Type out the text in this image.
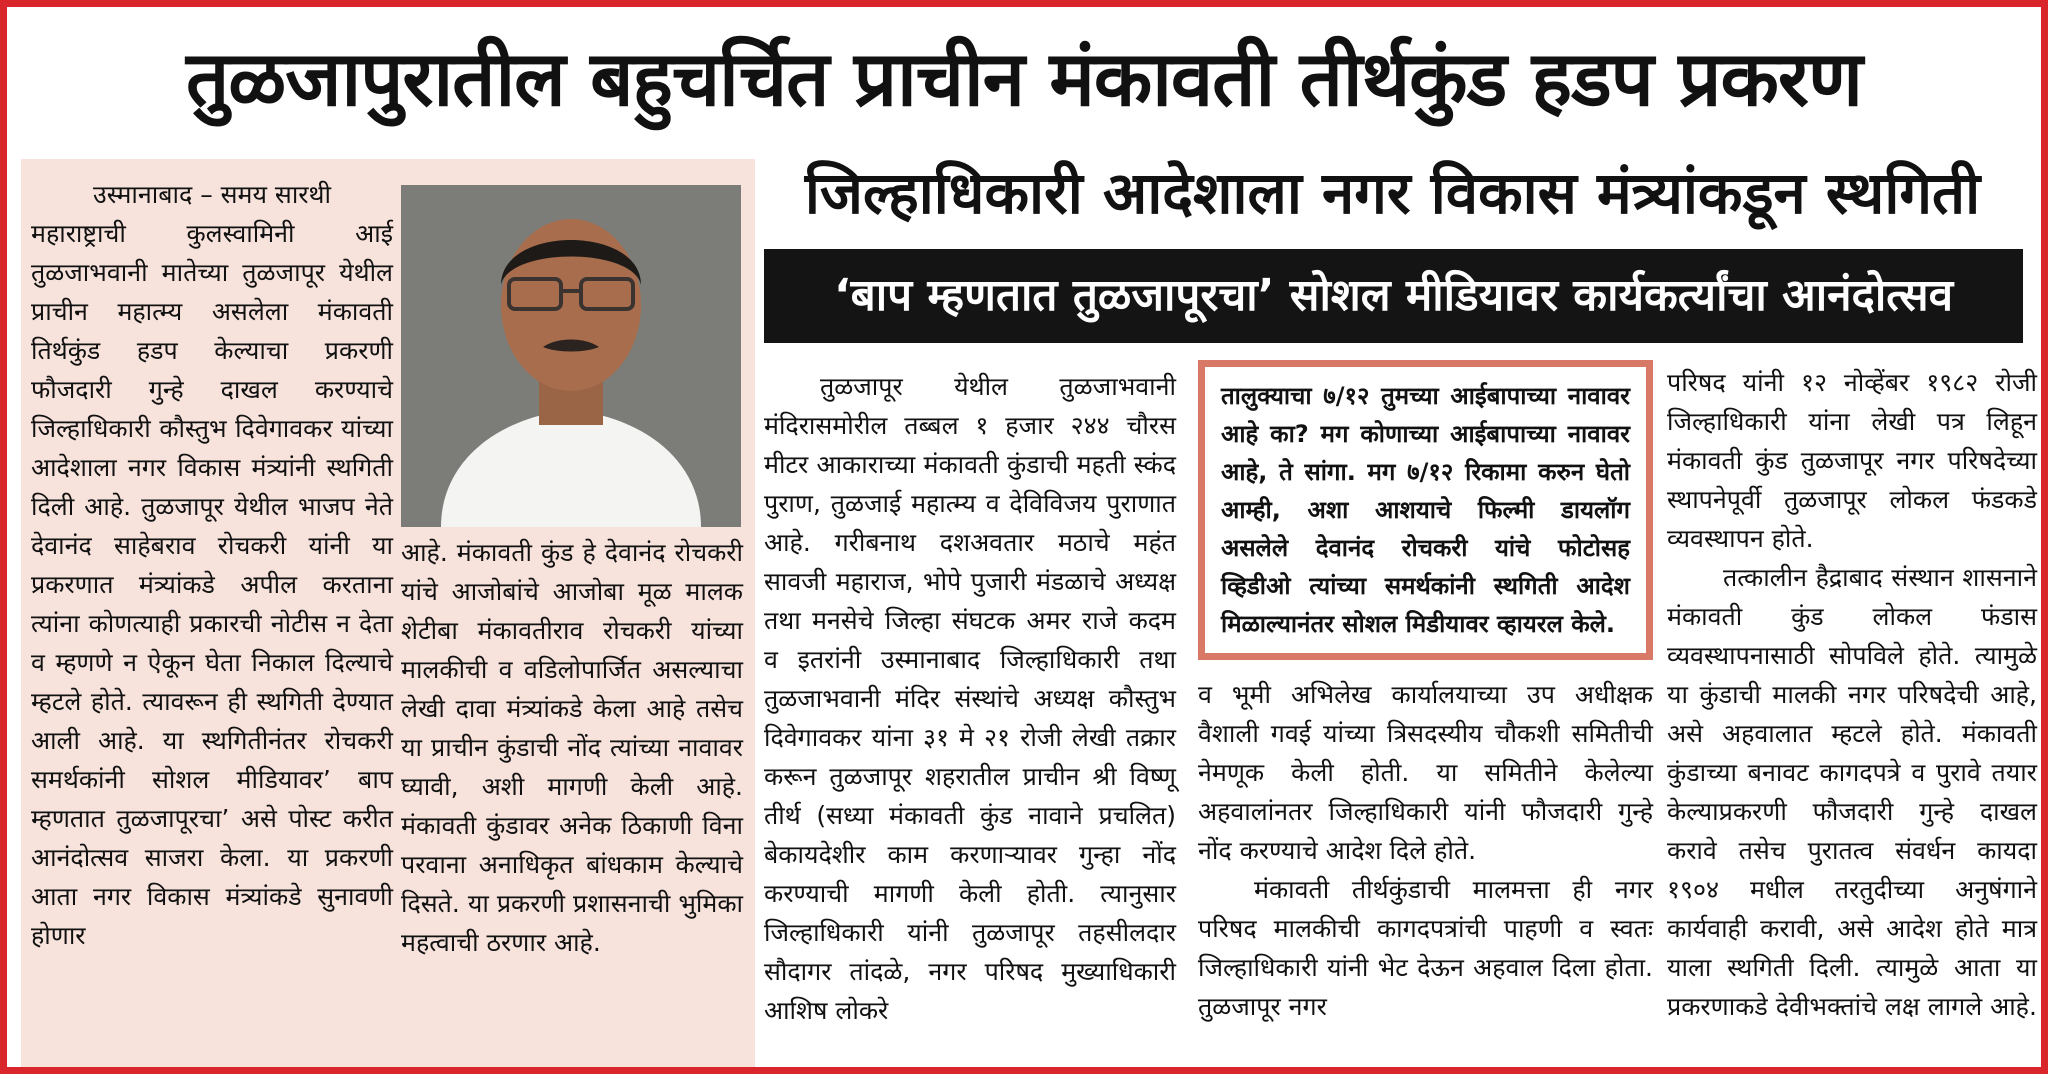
तुळजापुरातील बहुचर्चित प्राचीन मंकावती तीर्थकुंड हडप प्रकरण

उस्मानाबाद – समय सारथी

महाराष्ट्राची कुलस्वामिनी आई तुळजाभवानी मातेच्या तुळजापूर येथील प्राचीन महात्म्य असलेला मंकावती तिर्थकुंड हडप केल्याचा प्रकरणी फौजदारी गुन्हे दाखल करण्याचे जिल्हाधिकारी कौस्तुभ दिवेगावकर यांच्या आदेशाला नगर विकास मंत्र्यांनी स्थगिती दिली आहे. तुळजापूर येथील भाजप नेते देवानंद साहेबराव रोचकरी यांनी या प्रकरणात मंत्र्यांकडे अपील करताना त्यांना कोणत्याही प्रकारची नोटीस न देता व म्हणणे न ऐकून घेता निकाल दिल्याचे म्हटले होते. त्यावरून ही स्थगिती देण्यात आली आहे. या स्थगितीनंतर रोचकरी समर्थकांनी सोशल मीडियावर’ बाप म्हणतात तुळजापूरचा’ असे पोस्ट करीत आनंदोत्सव साजरा केला. या प्रकरणी आता नगर विकास मंत्र्यांकडे सुनावणी होणार

आहे. मंकावती कुंड हे देवानंद रोचकरी यांचे आजोबांचे आजोबा मूळ मालक शेटीबा मंकावतीराव रोचकरी यांच्या मालकीची व वडिलोपार्जित असल्याचा लेखी दावा मंत्र्यांकडे केला आहे तसेच या प्राचीन कुंडाची नोंद त्यांच्या नावावर घ्यावी, अशी मागणी केली आहे. मंकावती कुंडावर अनेक ठिकाणी विना परवाना अनाधिकृत बांधकाम केल्याचे दिसते. या प्रकरणी प्रशासनाची भुमिका महत्वाची ठरणार आहे.

जिल्हाधिकारी आदेशाला नगर विकास मंत्र्यांकडून स्थगिती
‘बाप म्हणतात तुळजापूरचा’ सोशल मीडियावर कार्यकर्त्यांचा आनंदोत्सव

तुळजापूर येथील तुळजाभवानी मंदिरासमोरील तब्बल १ हजार २४४ चौरस मीटर आकाराच्या मंकावती कुंडाची महती स्कंद पुराण, तुळजाई महात्म्य व देविविजय पुराणात आहे. गरीबनाथ दशअवतार मठाचे महंत सावजी महाराज, भोपे पुजारी मंडळाचे अध्यक्ष तथा मनसेचे जिल्हा संघटक अमर राजे कदम व इतरांनी उस्मानाबाद जिल्हाधिकारी तथा तुळजाभवानी मंदिर संस्थांचे अध्यक्ष कौस्तुभ दिवेगावकर यांना ३१ मे २१ रोजी लेखी तक्रार करून तुळजापूर शहरातील प्राचीन श्री विष्णू तीर्थ (सध्या मंकावती कुंड नावाने प्रचलित) बेकायदेशीर काम करणाऱ्यावर गुन्हा नोंद करण्याची मागणी केली होती. त्यानुसार जिल्हाधिकारी यांनी तुळजापूर तहसीलदार सौदागर तांदळे, नगर परिषद मुख्याधिकारी आशिष लोकरे

तालुक्याचा ७/१२ तुमच्या आईबापाच्या नावावर आहे का? मग कोणाच्या आईबापाच्या नावावर आहे, ते सांगा. मग ७/१२ रिकामा करुन घेतो आम्ही, अशा आशयाचे फिल्मी डायलॉग असलेले देवानंद रोचकरी यांचे फोटोसह व्हिडीओ त्यांच्या समर्थकांनी स्थगिती आदेश मिळाल्यानंतर सोशल मिडीयावर व्हायरल केले.

व भूमी अभिलेख कार्यालयाच्या उप अधीक्षक वैशाली गवई यांच्या त्रिसदस्यीय चौकशी समितीची नेमणूक केली होती. या समितीने केलेल्या अहवालांनतर जिल्हाधिकारी यांनी फौजदारी गुन्हे नोंद करण्याचे आदेश दिले होते.

मंकावती तीर्थकुंडाची मालमत्ता ही नगर परिषद मालकीची कागदपत्रांची पाहणी व स्वतः जिल्हाधिकारी यांनी भेट देऊन अहवाल दिला होता. तुळजापूर नगर

परिषद यांनी १२ नोव्हेंबर १९८२ रोजी जिल्हाधिकारी यांना लेखी पत्र लिहून मंकावती कुंड तुळजापूर नगर परिषदेच्या स्थापनेपूर्वी तुळजापूर लोकल फंडकडे व्यवस्थापन होते.

तत्कालीन हैद्राबाद संस्थान शासनाने मंकावती कुंड लोकल फंडास व्यवस्थापनासाठी सोपविले होते. त्यामुळे या कुंडाची मालकी नगर परिषदेची आहे, असे अहवालात म्हटले होते. मंकावती कुंडाच्या बनावट कागदपत्रे व पुरावे तयार केल्याप्रकरणी फौजदारी गुन्हे दाखल करावे तसेच पुरातत्व संवर्धन कायदा १९०४ मधील तरतुदीच्या अनुषंगाने कार्यवाही करावी, असे आदेश होते मात्र याला स्थगिती दिली. त्यामुळे आता या प्रकरणाकडे देवीभक्तांचे लक्ष लागले आहे.
